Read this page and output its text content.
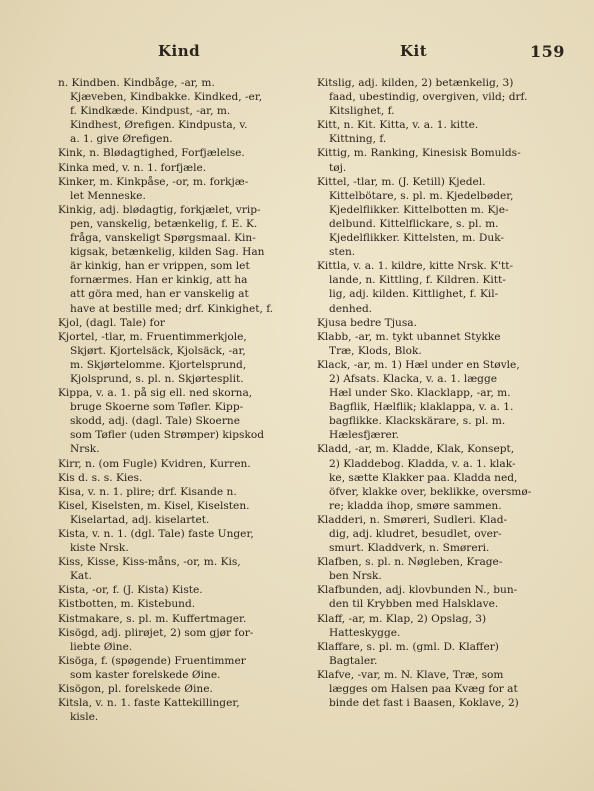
Kind	Kit	159
n. Kindben. Kindbåge, -ar, m.
Kjæveben, Kindbakke. Kindked, -er,
f. Kindkæde. Kindpust, -ar, m.
Kindhest, Ørefigen. Kindpusta, v.
a. 1. give Ørefigen.
Kink, n. Blødagtighed, Forfjælelse.
Kinka med, v. n. 1. forfjæle.
Kinker, m. Kinkpåse, -or, m. forkjæ-
let Menneske.
Kinkig, adj. blødagtig, forkjælet, vrip-
pen, vanskelig, betænkelig, f. E. K.
fråga, vanskeligt Spørgsmaal. Kin-
kigsak, betænkelig, kilden Sag. Han
är kinkig, han er vrippen, som let
fornærmes. Han er kinkig, att ha
att göra med, han er vanskelig at
have at bestille med; drf. Kinkighet, f.
Kjol, (dagl. Tale) for
Kjortel, -tlar, m. Fruentimmerkjole,
Skjørt. Kjortelsäck, Kjolsäck, -ar,
m. Skjørtelomme. Kjortelsprund,
Kjolsprund, s. pl. n. Skjørtesplit.
Kippa, v. a. 1. på sig ell. ned skorna,
bruge Skoerne som Tøfler. Kipp-
skodd, adj. (dagl. Tale) Skoerne
som Tøfler (uden Strømper) kipskod
Nrsk.
Kirr, n. (om Fugle) Kvidren, Kurren.
Kis d. s. s. Kies.
Kisa, v. n. 1. plire; drf. Kisande n.
Kisel, Kiselsten, m. Kisel, Kiselsten.
Kiselartad, adj. kiselartet.
Kista, v. n. 1. (dgl. Tale) faste Unger,
kiste Nrsk.
Kiss, Kisse, Kiss-måns, -or, m. Kis,
Kat.
Kista, -or, f. (J. Kista) Kiste.
Kistbotten, m. Kistebund.
Kistmakare, s. pl. m. Kuffertmager.
Kisögd, adj. plirøjet, 2) som gjør for-
liebte Øine.
Kisöga, f. (spøgende) Fruentimmer
som kaster forelskede Øine.
Kisögon, pl. forelskede Øine.
Kitsla, v. n. 1. faste Kattekillinger,
kisle.
Kitslig, adj. kilden, 2) betænkelig, 3)
faad, ubestindig, overgiven, vild; drf.
Kitslighet, f.
Kitt, n. Kit. Kitta, v. a. 1. kitte.
Kittning, f.
Kittig, m. Ranking, Kinesisk Bomulds-
tøj.
Kittel, -tlar, m. (J. Ketill) Kjedel.
Kittelbötare, s. pl. m. Kjedelbøder,
Kjedelflikker. Kittelbotten m. Kje-
delbund. Kittelflickare, s. pl. m.
Kjedelflikker. Kittelsten, m. Duk-
sten.
Kittla, v. a. 1. kildre, kitte Nrsk. K'tt-
lande, n. Kittling, f. Kildren. Kitt-
lig, adj. kilden. Kittlighet, f. Kil-
denhed.
Kjusa bedre Tjusa.
Klabb, -ar, m. tykt ubannet Stykke
Træ, Klods, Blok.
Klack, -ar, m. 1) Hæl under en Støvle,
2) Afsats. Klacka, v. a. 1. lægge
Hæl under Sko. Klacklapp, -ar, m.
Bagflik, Hælflik; klaklappa, v. a. 1.
bagflikke. Klackskärare, s. pl. m.
Hælesfjærer.
Kladd, -ar, m. Kladde, Klak, Konsept,
2) Kladdebog. Kladda, v. a. 1. klak-
ke, sætte Klakker paa. Kladda ned,
öfver, klakke over, beklikke, oversmø-
re; kladda ihop, smøre sammen.
Kladderi, n. Smøreri, Sudleri. Klad-
dig, adj. kludret, besudlet, over-
smurt. Kladdverk, n. Smøreri.
Klafben, s. pl. n. Nøgleben, Krage-
ben Nrsk.
Klafbunden, adj. klovbunden N., bun-
den til Krybben med Halsklave.
Klaff, -ar, m. Klap, 2) Opslag, 3)
Hatteskygge.
Klaffare, s. pl. m. (gml. D. Klaffer)
Bagtaler.
Klafve, -var, m. N. Klave, Træ, som
lægges om Halsen paa Kvæg for at
binde det fast i Baasen, Koklave, 2)
